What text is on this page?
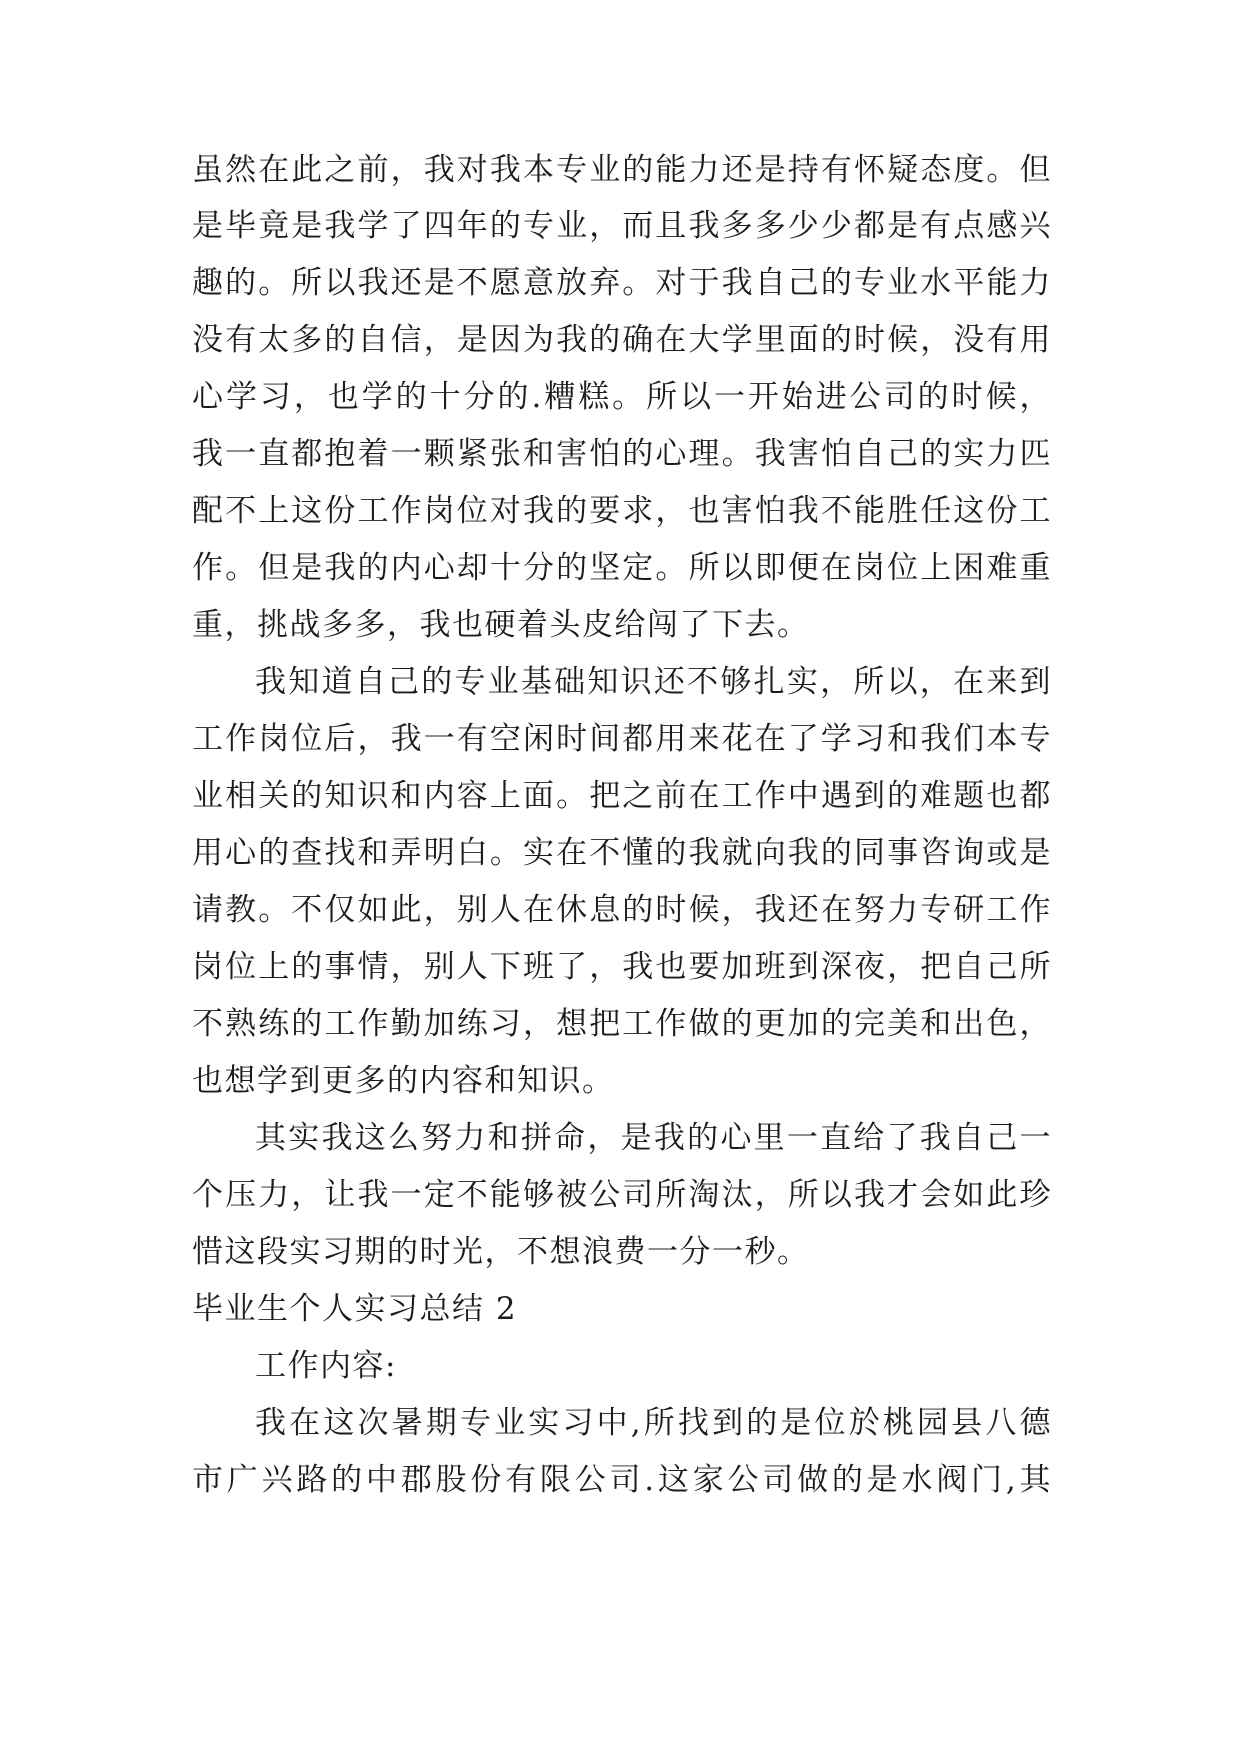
虽然在此之前，我对我本专业的能力还是持有怀疑态度。但
是毕竟是我学了四年的专业，而且我多多少少都是有点感兴
趣的。所以我还是不愿意放弃。对于我自己的专业水平能力
没有太多的自信，是因为我的确在大学里面的时候，没有用
心学习，也学的十分的.糟糕。所以一开始进公司的时候，
我一直都抱着一颗紧张和害怕的心理。我害怕自己的实力匹
配不上这份工作岗位对我的要求，也害怕我不能胜任这份工
作。但是我的内心却十分的坚定。所以即便在岗位上困难重
重，挑战多多，我也硬着头皮给闯了下去。
我知道自己的专业基础知识还不够扎实，所以，在来到
工作岗位后，我一有空闲时间都用来花在了学习和我们本专
业相关的知识和内容上面。把之前在工作中遇到的难题也都
用心的查找和弄明白。实在不懂的我就向我的同事咨询或是
请教。不仅如此，别人在休息的时候，我还在努力专研工作
岗位上的事情，别人下班了，我也要加班到深夜，把自己所
不熟练的工作勤加练习，想把工作做的更加的完美和出色，
也想学到更多的内容和知识。
其实我这么努力和拼命，是我的心里一直给了我自己一
个压力，让我一定不能够被公司所淘汰，所以我才会如此珍
惜这段实习期的时光，不想浪费一分一秒。
毕业生个人实习总结 2
工作内容:
我在这次暑期专业实习中,所找到的是位於桃园县八德
市广兴路的中郡股份有限公司.这家公司做的是水阀门,其
